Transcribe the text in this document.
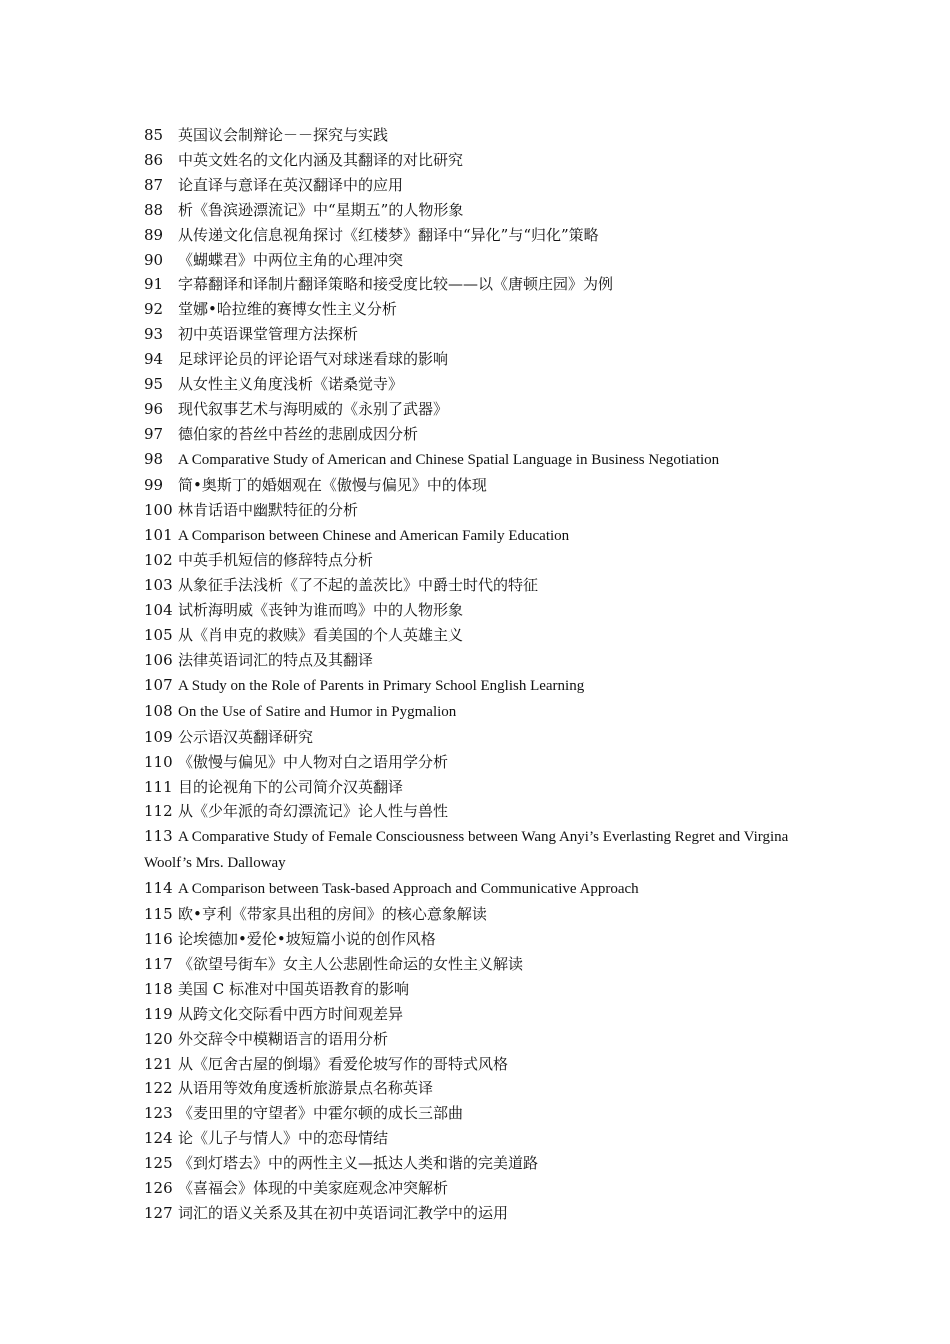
85 英国议会制辩论－－探究与实践
86 中英文姓名的文化内涵及其翻译的对比研究
87 论直译与意译在英汉翻译中的应用
88 析《鲁滨逊漂流记》中“星期五”的人物形象
89 从传递文化信息视角探讨《红楼梦》翻译中“异化”与“归化”策略
90 《蝴蝶君》中两位主角的心理冲突
91 字幕翻译和译制片翻译策略和接受度比较——以《唐顿庄园》为例
92 堂娜•哈拉维的赛博女性主义分析
93 初中英语课堂管理方法探析
94 足球评论员的评论语气对球迷看球的影响
95 从女性主义角度浅析《诺桑觉寺》
96 现代叙事艺术与海明威的《永别了武器》
97 德伯家的苔丝中苔丝的悲剧成因分析
98 A Comparative Study of American and Chinese Spatial Language in Business Negotiation
99 简•奥斯丁的婚姻观在《傲慢与偏见》中的体现
100 林肯话语中幽默特征的分析
101 A Comparison between Chinese and American Family Education
102 中英手机短信的修辞特点分析
103 从象征手法浅析《了不起的盖茨比》中爵士时代的特征
104 试析海明威《丧钟为谁而鸣》中的人物形象
105 从《肖申克的救赎》看美国的个人英雄主义
106 法律英语词汇的特点及其翻译
107 A Study on the Role of Parents in Primary School English Learning
108 On the Use of Satire and Humor in Pygmalion
109 公示语汉英翻译研究
110 《傲慢与偏见》中人物对白之语用学分析
111 目的论视角下的公司简介汉英翻译
112 从《少年派的奇幻漂流记》论人性与兽性
113 A Comparative Study of Female Consciousness between Wang Anyi’s Everlasting Regret and Virgina Woolf’s Mrs. Dalloway
114 A Comparison between Task-based Approach and Communicative Approach
115 欧•亨利《带家具出租的房间》的核心意象解读
116 论埃德加•爱伦•坡短篇小说的创作风格
117 《欲望号街车》女主人公悲剧性命运的女性主义解读
118 美国 C 标准对中国英语教育的影响
119 从跨文化交际看中西方时间观差异
120 外交辞令中模糊语言的语用分析
121 从《厄舍古屋的倒塌》看爱伦坡写作的哥特式风格
122 从语用等效角度透析旅游景点名称英译
123 《麦田里的守望者》中霍尔顿的成长三部曲
124 论《儿子与情人》中的恋母情结
125 《到灯塔去》中的两性主义—抵达人类和谐的完美道路
126 《喜福会》体现的中美家庭观念冲突解析
127 词汇的语义关系及其在初中英语词汇教学中的运用
